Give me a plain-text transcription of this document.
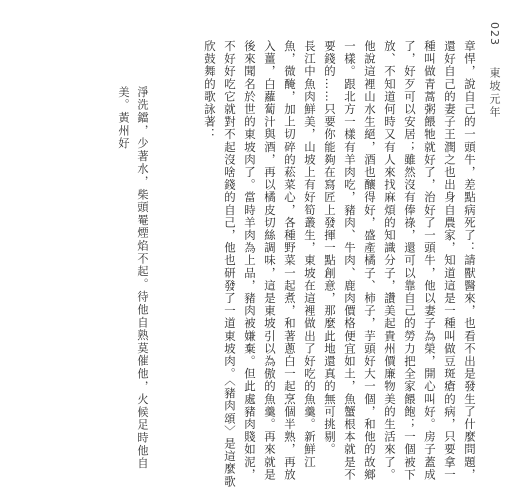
023  東坡元年

章悍，說自己的一頭牛，差點病死了：請獸醫來，也看不出是發生了什麼問題，還好自己的妻子王潤之也出身自農家，知道這是一種叫做豆斑瘡的病，只要拿一種叫做青蒿粥餵牠就好了，治好了一頭牛，他以妻子為榮，開心叫好。房子蓋成了，好歹可以安居；雖然沒有俸祿，還可以靠自己的勞力把全家餵飽；一個被下放、不知道何時又有人來找麻煩的知識分子，讚美起貴州價廉物美的生活來了。他說這裡山水生絕，酒也釀得好，盛產橘子、柿子，芋頭好大一個，和他的故鄉一樣。跟北方一樣有羊肉吃，豬肉、牛肉、鹿肉價格便宜如土，魚蟹根本就是不要錢的……只要你能夠在寫匠上發揮一點創意，那麼此地還真的無可挑剔。

長江中魚肉鮮美，山坡上有好筍叢生，東坡在這裡做出了好吃的魚羹。新鮮江魚，微醃，加上切碎的菘菜心，各種野菜一起煮，和著蔥白一起烹個半熟，再放入薑，白蘿蔔汁與酒，再以橘皮切絲調味，這是東坡引以為傲的魚羹。再來就是後來聞名於世的東坡肉了。當時羊肉為上品，豬肉被嫌棄。但此處豬肉賤如泥，不好好吃它就對不起沒啥錢的自己，他也研發了一道東坡肉。〈豬肉頌〉是這麼歌欣鼓舞的歌詠著：

淨洗鐺，少著水，柴頭罨煙焰不起。待他自熟莫催他，火候足時他自美。黃州好
